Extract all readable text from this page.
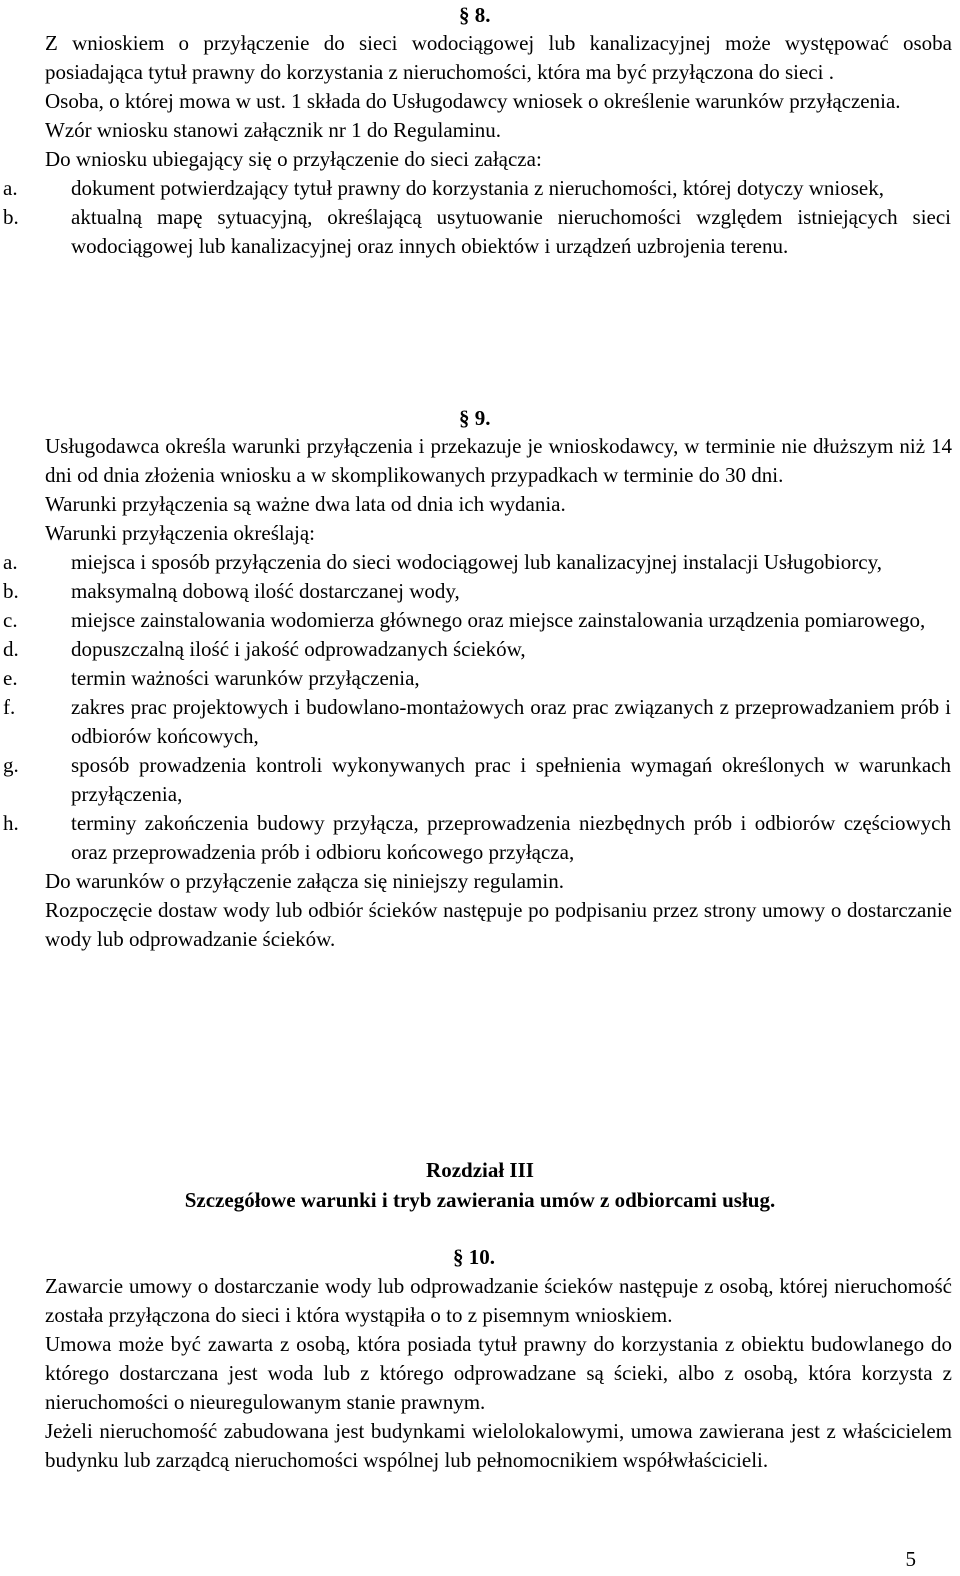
§ 8.
Z wnioskiem o przyłączenie do sieci wodociągowej lub kanalizacyjnej może występować osoba posiadająca tytuł prawny do korzystania z nieruchomości, która ma być przyłączona do sieci .
Osoba, o której mowa w ust. 1 składa do Usługodawcy wniosek o określenie warunków przyłączenia.
Wzór wniosku stanowi załącznik nr 1 do Regulaminu.
Do wniosku ubiegający się o przyłączenie do sieci załącza:
a.	dokument potwierdzający tytuł prawny do korzystania z nieruchomości, której dotyczy wniosek,
b. aktualną mapę sytuacyjną, określającą usytuowanie nieruchomości względem istniejących sieci wodociągowej lub kanalizacyjnej oraz innych obiektów i urządzeń uzbrojenia terenu.
§ 9.
Usługodawca określa warunki przyłączenia i przekazuje je wnioskodawcy, w terminie nie dłuższym niż 14 dni od dnia złożenia wniosku a w skomplikowanych przypadkach w terminie do 30 dni.
Warunki przyłączenia są ważne dwa lata od dnia ich wydania.
Warunki przyłączenia określają:
a.	miejsca i sposób przyłączenia do sieci wodociągowej lub kanalizacyjnej instalacji Usługobiorcy,
b. maksymalną dobową ilość dostarczanej wody,
c.	miejsce zainstalowania wodomierza głównego oraz miejsce zainstalowania urządzenia pomiarowego,
d. dopuszczalną ilość i jakość odprowadzanych ścieków,
e.	termin ważności warunków przyłączenia,
f.	zakres prac projektowych i budowlano-montażowych oraz prac związanych z przeprowadzaniem prób i odbiorów końcowych,
g. sposób prowadzenia kontroli wykonywanych prac i spełnienia wymagań określonych w warunkach przyłączenia,
h. terminy zakończenia budowy przyłącza, przeprowadzenia niezbędnych prób i odbiorów częściowych oraz przeprowadzenia prób i odbioru końcowego przyłącza,
Do warunków o przyłączenie załącza się niniejszy regulamin.
Rozpoczęcie dostaw wody lub odbiór ścieków następuje po podpisaniu przez strony umowy o dostarczanie wody lub odprowadzanie ścieków.
Rozdział III
Szczegółowe warunki i tryb zawierania umów z odbiorcami usług.
§ 10.
Zawarcie umowy o dostarczanie wody lub odprowadzanie ścieków następuje z osobą, której nieruchomość została przyłączona do sieci i która wystąpiła o to z pisemnym wnioskiem.
Umowa może być zawarta z osobą, która posiada tytuł prawny do korzystania z obiektu budowlanego do którego dostarczana jest woda lub z którego odprowadzane są ścieki, albo z osobą, która korzysta z nieruchomości o nieuregulowanym stanie prawnym.
Jeżeli nieruchomość zabudowana jest budynkami wielolokalowymi, umowa zawierana jest z właścicielem budynku lub zarządcą nieruchomości wspólnej lub pełnomocnikiem współwłaścicieli.
5
